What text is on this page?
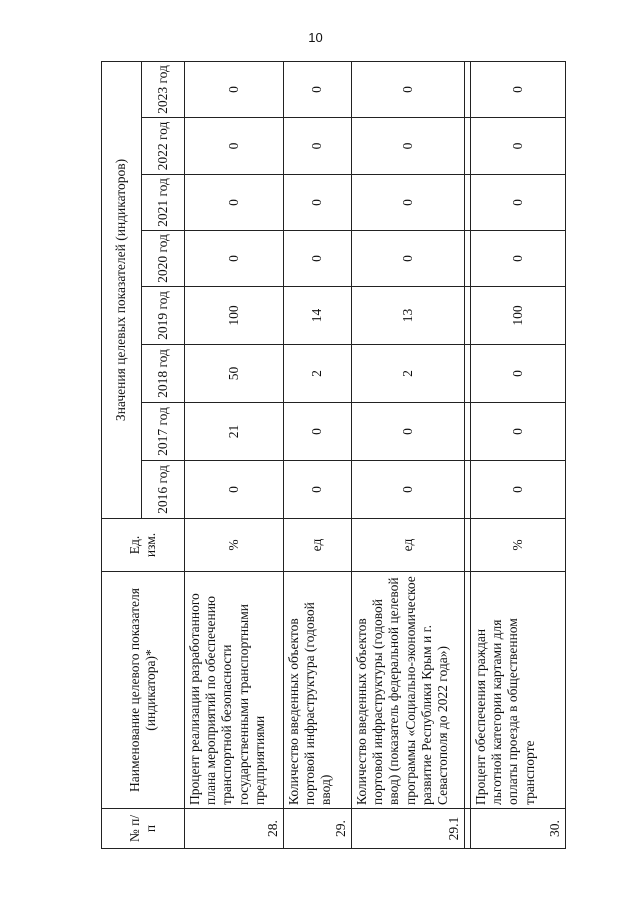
10
№ п/п	Наименование целевого показателя (индикатора)*	Ед. изм.	Значения целевых показателей (индикаторов)							
			2016 год	2017 год	2018 год	2019 год	2020 год	2021 год	2022 год	2023 год
28.	Процент реализации разработанного плана мероприятий по обеспечению транспортной безопасности государственными транспортными предприятиями	%	0	21	50	100	0	0	0	0
29.	Количество введенных объектов портовой инфраструктура (годовой ввод)	ед	0	0	2	14	0	0	0	0
29.1	Количество введенных объектов портовой инфраструктуры (годовой ввод) (показатель федеральной целевой программы «Социально-экономическое развитие Республики Крым и г. Севастополя до 2022 года»)	ед	0	0	2	13	0	0	0	0

30.	Процент обеспечения граждан льготной категории картами для оплаты проезда в общественном транспорте	%	0	0	0	100	0	0	0	0
